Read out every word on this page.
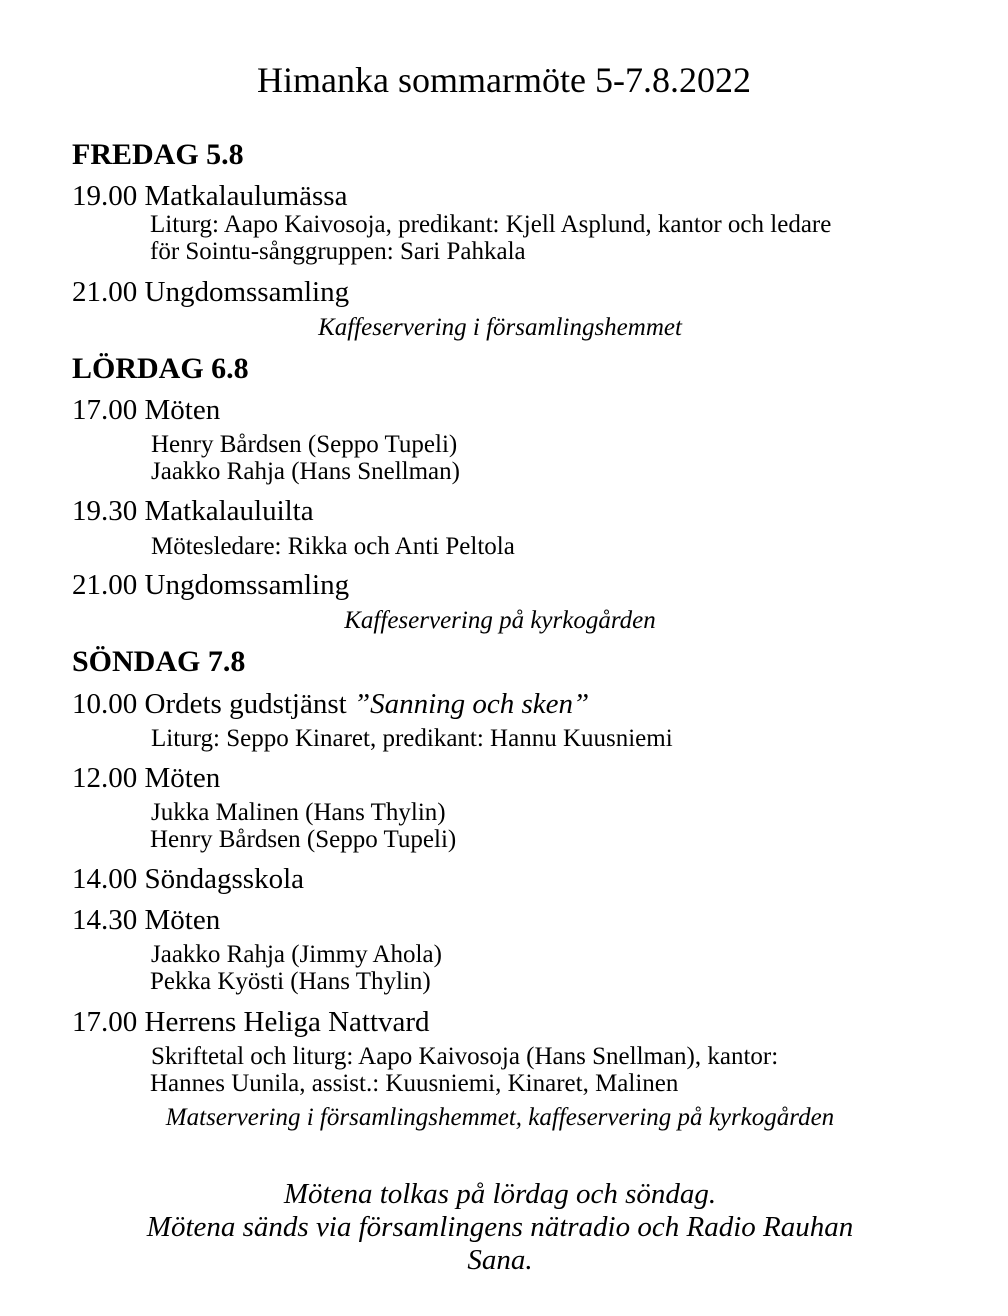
Himanka sommarmöte 5-7.8.2022
FREDAG 5.8
19.00 Matkalaulumässa
Liturg: Aapo Kaivosoja, predikant: Kjell Asplund, kantor och ledare
för Sointu-sånggruppen: Sari Pahkala
21.00 Ungdomssamling
Kaffeservering i församlingshemmet
LÖRDAG 6.8
17.00 Möten
Henry Bårdsen (Seppo Tupeli)
Jaakko Rahja (Hans Snellman)
19.30 Matkalauluilta
Mötesledare: Rikka och Anti Peltola
21.00 Ungdomssamling
Kaffeservering på kyrkogården
SÖNDAG 7.8
10.00 Ordets gudstjänst ”Sanning och sken”
Liturg: Seppo Kinaret, predikant: Hannu Kuusniemi
12.00 Möten
Jukka Malinen (Hans Thylin)
Henry Bårdsen (Seppo Tupeli)
14.00 Söndagsskola
14.30 Möten
Jaakko Rahja (Jimmy Ahola)
Pekka Kyösti (Hans Thylin)
17.00 Herrens Heliga Nattvard
Skriftetal och liturg: Aapo Kaivosoja (Hans Snellman), kantor:
Hannes Uunila, assist.: Kuusniemi, Kinaret, Malinen
Matservering i församlingshemmet, kaffeservering på kyrkogården
Mötena tolkas på lördag och söndag.
Mötena sänds via församlingens nätradio och Radio Rauhan
Sana.
